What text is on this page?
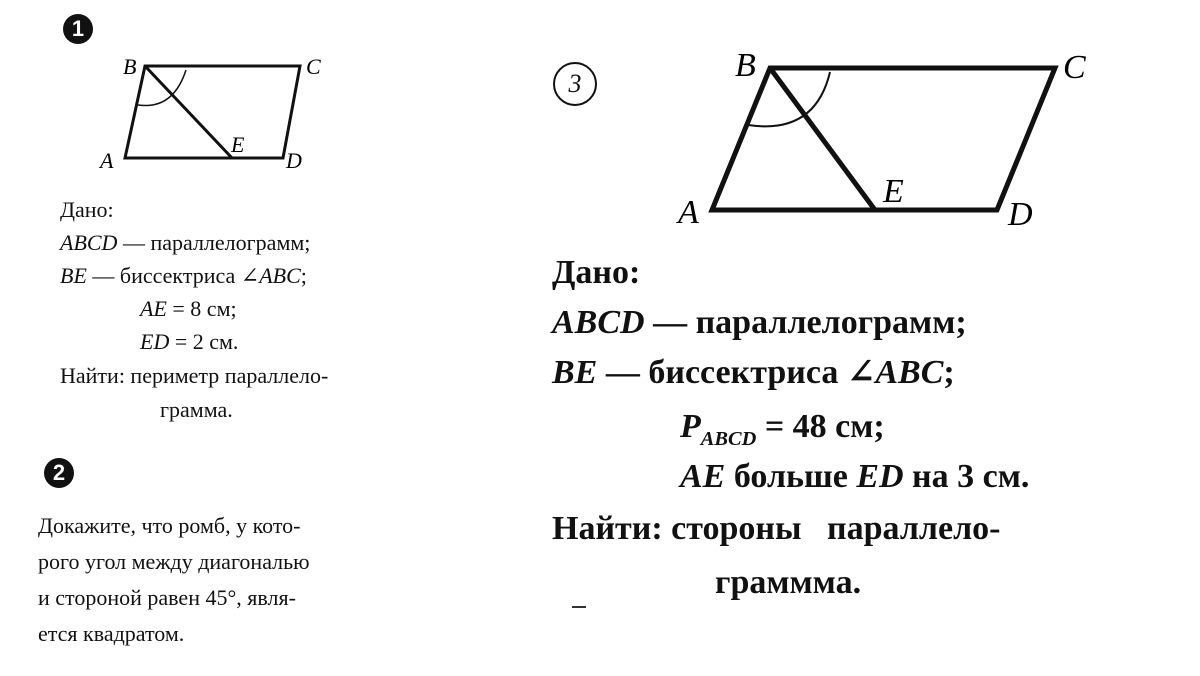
1
B	C
A
E
D
Дано:
ABCD — параллелограмм;
BE — биссектриса ∠ABC;
AE = 8 см;
ED = 2 см.
Найти: периметр параллело-
грамма.
2
Докажите, что ромб, у кото-
рого угол между диагональю
и стороной равен 45°, явля-
ется квадратом.
3	B	C
A
E
D
Дано:
ABCD — параллелограмм;
BE — биссектриса ∠ABC;
$P_{ABCD} = 48$ см;
AE больше ED на 3 см.
Найти: стороны   параллело-
граммма.
